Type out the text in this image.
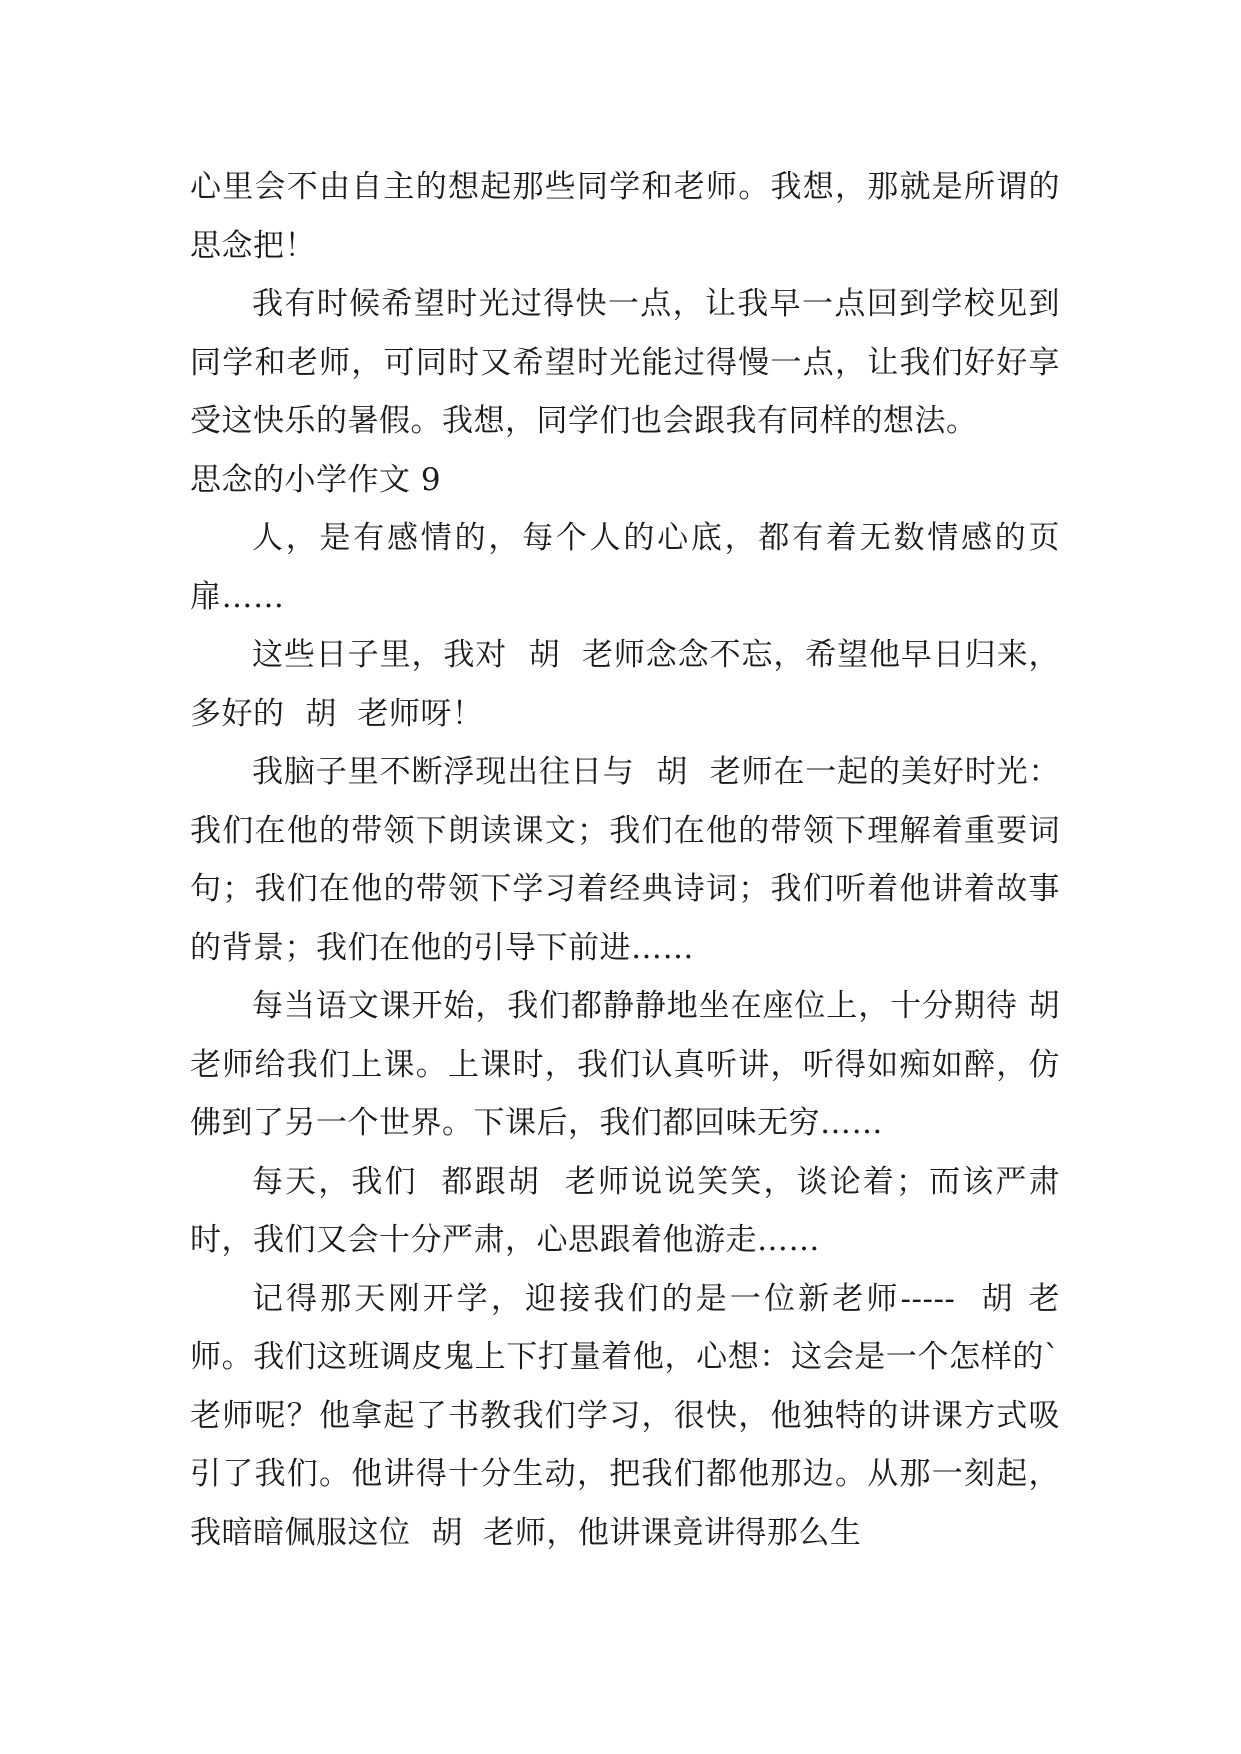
心里会不由自主的想起那些同学和老师。我想，那就是所谓的思念把！

我有时候希望时光过得快一点，让我早一点回到学校见到同学和老师，可同时又希望时光能过得慢一点，让我们好好享受这快乐的暑假。我想，同学们也会跟我有同样的想法。

思念的小学作文 9

人，是有感情的，每个人的心底，都有着无数情感的页扉……

这些日子里，我对  胡  老师念念不忘，希望他早日归来，多好的  胡  老师呀！

我脑子里不断浮现出往日与  胡  老师在一起的美好时光：我们在他的带领下朗读课文；我们在他的带领下理解着重要词句；我们在他的带领下学习着经典诗词；我们听着他讲着故事的背景；我们在他的引导下前进……

每当语文课开始，我们都静静地坐在座位上，十分期待 胡  老师给我们上课。上课时，我们认真听讲，听得如痴如醉，仿佛到了另一个世界。下课后，我们都回味无穷……

每天，我们  都跟胡  老师说说笑笑，谈论着；而该严肃时，我们又会十分严肃，心思跟着他游走……

记得那天刚开学，迎接我们的是一位新老师-----  胡 老师。我们这班调皮鬼上下打量着他，心想：这会是一个怎样的`老师呢？他拿起了书教我们学习，很快，他独特的讲课方式吸引了我们。他讲得十分生动，把我们都他那边。从那一刻起，我暗暗佩服这位  胡  老师，他讲课竟讲得那么生
